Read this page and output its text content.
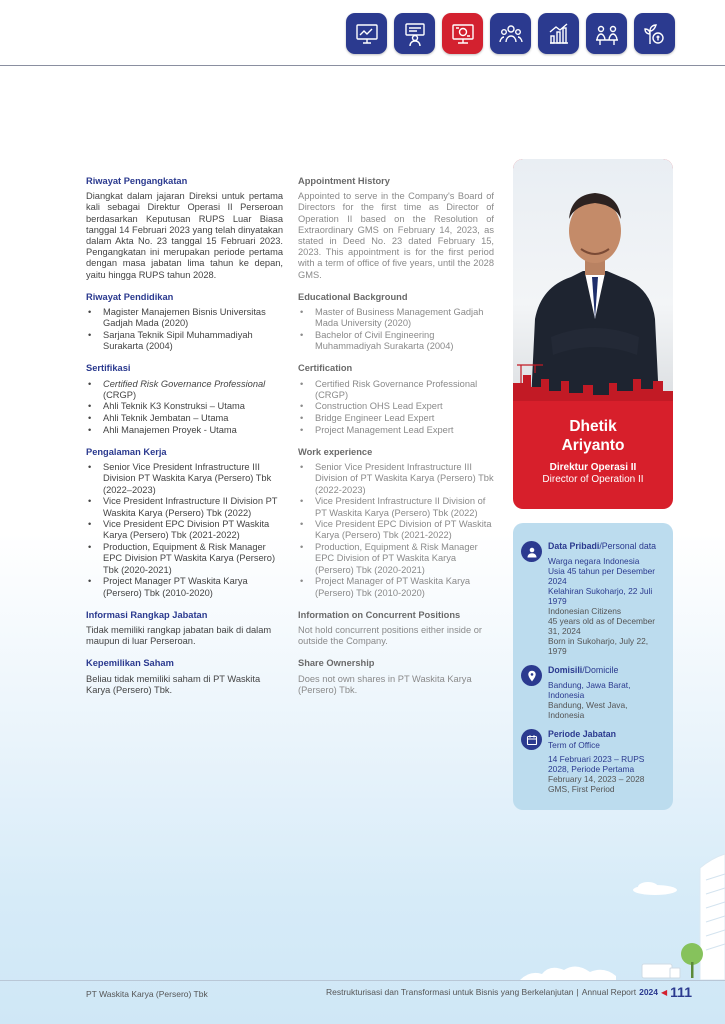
Riwayat Pengangkatan
Diangkat dalam jajaran Direksi untuk pertama kali sebagai Direktur Operasi II Perseroan berdasarkan Keputusan RUPS Luar Biasa tanggal 14 Februari 2023 yang telah dinyatakan dalam Akta No. 23 tanggal 15 Februari 2023. Pengangkatan ini merupakan periode pertama dengan masa jabatan lima tahun ke depan, yaitu hingga RUPS tahun 2028.
Riwayat Pendidikan
• Magister Manajemen Bisnis Universitas Gadjah Mada (2020)
• Sarjana Teknik Sipil Muhammadiyah Surakarta (2004)
Sertifikasi
• Certified Risk Governance Professional (CRGP)
• Ahli Teknik K3 Konstruksi – Utama
• Ahli Teknik Jembatan – Utama
• Ahli Manajemen Proyek - Utama
Pengalaman Kerja
• Senior Vice President Infrastructure III Division PT Waskita Karya (Persero) Tbk (2022–2023)
• Vice President Infrastructure II Division PT Waskita Karya (Persero) Tbk (2022)
• Vice President EPC Division PT Waskita Karya (Persero) Tbk (2021-2022)
• Production, Equipment & Risk Manager EPC Division PT Waskita Karya (Persero) Tbk (2020-2021)
• Project Manager PT Waskita Karya (Persero) Tbk (2010-2020)
Informasi Rangkap Jabatan
Tidak memiliki rangkap jabatan baik di dalam maupun di luar Perseroan.
Kepemilikan Saham
Beliau tidak memiliki saham di PT Waskita Karya (Persero) Tbk.
Appointment History
Appointed to serve in the Company's Board of Directors for the first time as Director of Operation II based on the Resolution of Extraordinary GMS on February 14, 2023, as stated in Deed No. 23 dated February 15, 2023. This appointment is for the first period with a term of office of five years, until the 2028 GMS.
Educational Background
• Master of Business Management Gadjah Mada University (2020)
• Bachelor of Civil Engineering Muhammadiyah Surakarta (2004)
Certification
• Certified Risk Governance Professional (CRGP)
• Construction OHS Lead Expert
• Bridge Engineer Lead Expert
• Project Management Lead Expert
Work experience
• Senior Vice President Infrastructure III Division of PT Waskita Karya (Persero) Tbk (2022-2023)
• Vice President Infrastructure II Division of PT Waskita Karya (Persero) Tbk (2022)
• Vice President EPC Division of PT Waskita Karya (Persero) Tbk (2021-2022)
• Production, Equipment & Risk Manager EPC Division of PT Waskita Karya (Persero) Tbk (2020-2021)
• Project Manager of PT Waskita Karya (Persero) Tbk (2010-2020)
Information on Concurrent Positions
Not hold concurrent positions either inside or outside the Company.
Share Ownership
Does not own shares in PT Waskita Karya (Persero) Tbk.
Dhetik
Ariyanto
Direktur Operasi II
Director of Operation II
Data Pribadi/Personal data
Warga negara Indonesia
Usia 45 tahun per Desember 2024
Kelahiran Sukoharjo, 22 Juli 1979
Indonesian Citizens
45 years old as of December 31, 2024
Born in Sukoharjo, July 22, 1979
Domisili/Domicile
Bandung, Jawa Barat, Indonesia
Bandung, West Java, Indonesia
Periode Jabatan
Term of Office
14 Februari 2023 – RUPS 2028, Periode Pertama
February 14, 2023 – 2028 GMS, First Period
PT Waskita Karya (Persero) Tbk	Restrukturisasi dan Transformasi untuk Bisnis yang Berkelanjutan | Annual Report 2024 ◀ 111
